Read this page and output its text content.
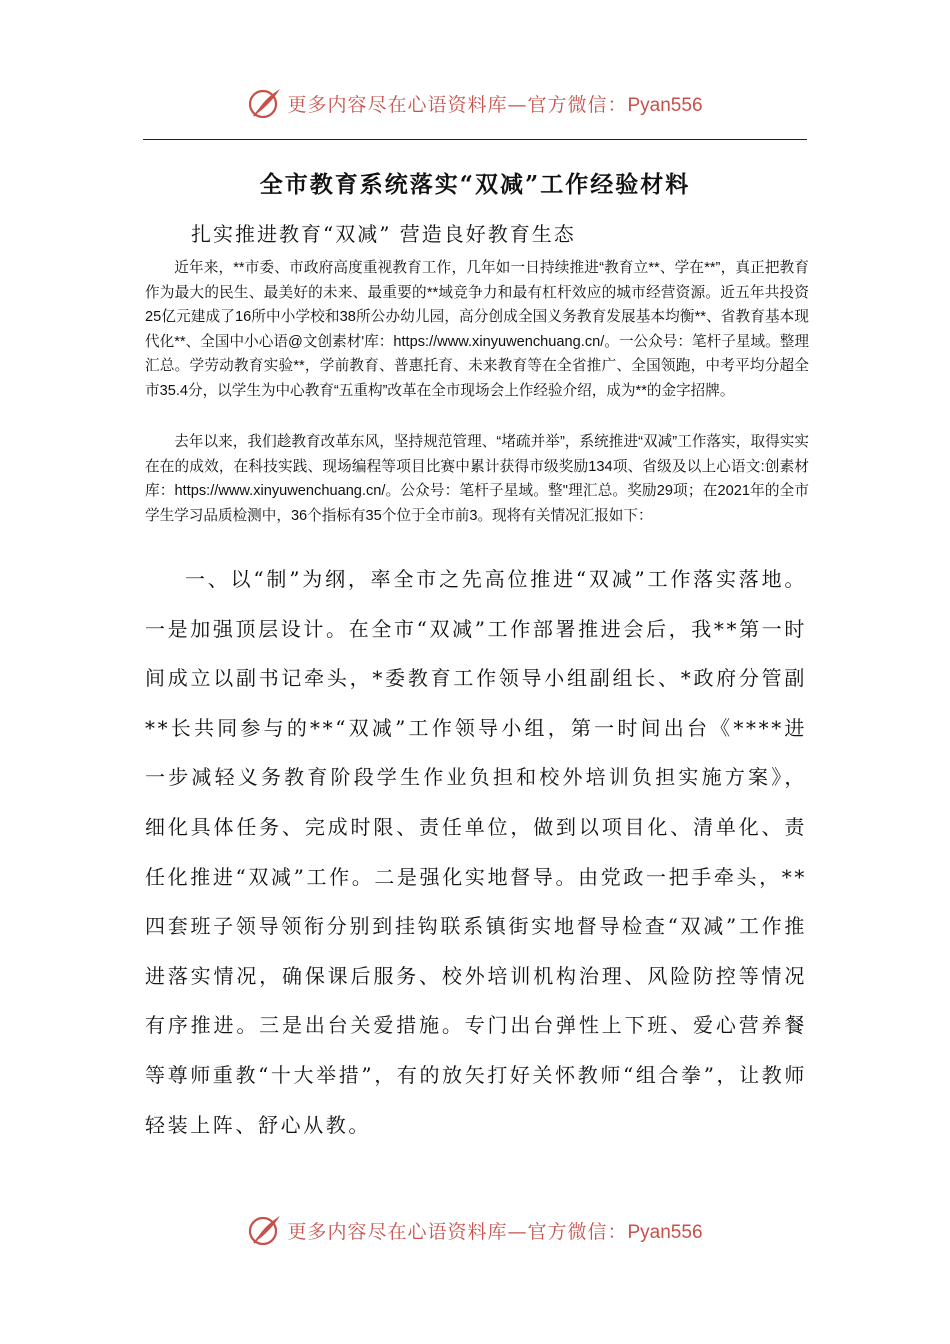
更多内容尽在心语资料库—官方微信：Pyan556
全市教育系统落实“双减”工作经验材料
扎实推进教育“双减” 营造良好教育生态
近年来，**市委、市政府高度重视教育工作，几年如一日持续推进“教育立**、学在**”，真正把教育作为最大的民生、最美好的未来、最重要的**域竞争力和最有杠杆效应的城市经营资源。近五年共投资25亿元建成了16所中小学校和38所公办幼儿园，高分创成全国义务教育发展基本均衡**、省教育基本现代化**、全国中小心语@文创素材'库：https://www.xinyuwenchuang.cn/。一公众号：笔杆子星域。整理汇总。学劳动教育实验**，学前教育、普惠托育、未来教育等在全省推广、全国领跑，中考平均分超全市35.4分，以学生为中心教育“五重构”改革在全市现场会上作经验介绍，成为**的金字招牌。
去年以来，我们趁教育改革东风，坚持规范管理、“堵疏并举”，系统推进“双减”工作落实，取得实实在在的成效，在科技实践、现场编程等项目比赛中累计获得市级奖励134项、省级及以上心语文:创素材库：https://www.xinyuwenchuang.cn/。公众号：笔杆子星域。整"理汇总。奖励29项；在2021年的全市学生学习品质检测中，36个指标有35个位于全市前3。现将有关情况汇报如下：
一、以“制”为纲，率全市之先高位推进“双减”工作落实落地。一是加强顶层设计。在全市“双减”工作部署推进会后，我**第一时间成立以副书记牵头，*委教育工作领导小组副组长、*政府分管副**长共同参与的**“双减”工作领导小组，第一时间出台《****进一步减轻义务教育阶段学生作业负担和校外培训负担实施方案》，细化具体任务、完成时限、责任单位，做到以项目化、清单化、责任化推进“双减”工作。二是强化实地督导。由党政一把手牵头，**四套班子领导领衔分别到挂钩联系镇街实地督导检查“双减”工作推进落实情况，确保课后服务、校外培训机构治理、风险防控等情况有序推进。三是出台关爱措施。专门出台弹性上下班、爱心营养餐等尊师重教“十大举措”，有的放矢打好关怀教师“组合拳”，让教师轻装上阵、舒心从教。
更多内容尽在心语资料库—官方微信：Pyan556
